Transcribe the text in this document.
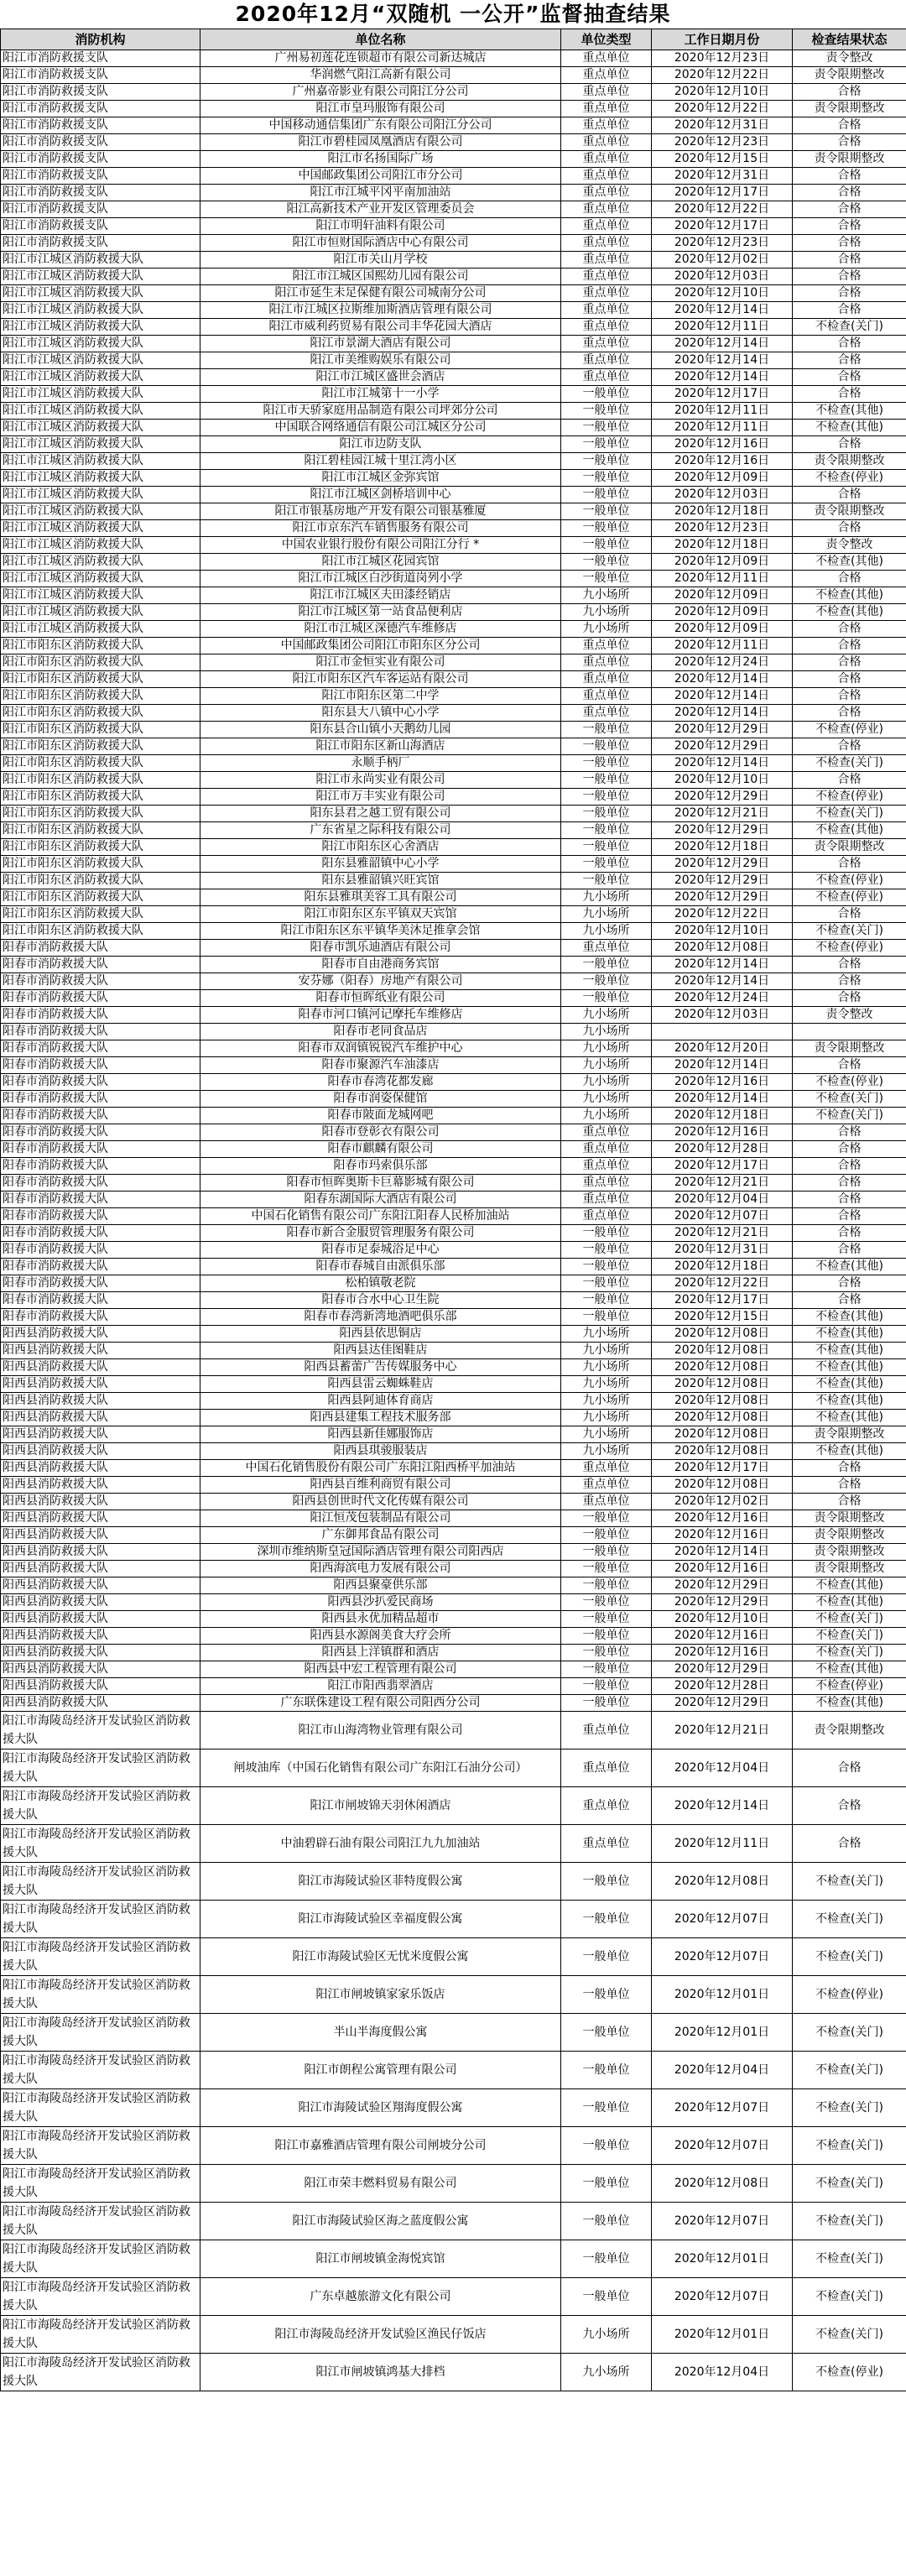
2020年12月“双随机 一公开”监督抽查结果
消防机构	单位名称	单位类型	工作日期月份	检查结果状态
阳江市消防救援支队	广州易初莲花连锁超市有限公司新达城店	重点单位	2020年12月23日	责令整改
阳江市消防救援支队	华润燃气阳江高新有限公司	重点单位	2020年12月22日	责令限期整改
阳江市消防救援支队	广州嘉帝影业有限公司阳江分公司	重点单位	2020年12月10日	合格
阳江市消防救援支队	阳江市皇玛服饰有限公司	重点单位	2020年12月22日	责令限期整改
阳江市消防救援支队	中国移动通信集团广东有限公司阳江分公司	重点单位	2020年12月31日	合格
阳江市消防救援支队	阳江市碧桂园凤凰酒店有限公司	重点单位	2020年12月23日	合格
阳江市消防救援支队	阳江市名扬国际广场	重点单位	2020年12月15日	责令限期整改
阳江市消防救援支队	中国邮政集团公司阳江市分公司	重点单位	2020年12月31日	合格
阳江市消防救援支队	阳江市江城平冈平南加油站	重点单位	2020年12月17日	合格
阳江市消防救援支队	阳江高新技术产业开发区管理委员会	重点单位	2020年12月22日	合格
阳江市消防救援支队	阳江市明轩油料有限公司	重点单位	2020年12月17日	合格
阳江市消防救援支队	阳江市恒财国际酒店中心有限公司	重点单位	2020年12月23日	合格
阳江市江城区消防救援大队	阳江市关山月学校	重点单位	2020年12月02日	合格
阳江市江城区消防救援大队	阳江市江城区国熙幼儿园有限公司	重点单位	2020年12月03日	合格
阳江市江城区消防救援大队	阳江市延生未足保健有限公司城南分公司	重点单位	2020年12月10日	合格
阳江市江城区消防救援大队	阳江市江城区拉斯维加斯酒店管理有限公司	重点单位	2020年12月14日	合格
阳江市江城区消防救援大队	阳江市威利药贸易有限公司丰华花园大酒店	重点单位	2020年12月11日	不检查(关门)
阳江市江城区消防救援大队	阳江市景湖大酒店有限公司	重点单位	2020年12月14日	合格
阳江市江城区消防救援大队	阳江市美维购娱乐有限公司	重点单位	2020年12月14日	合格
阳江市江城区消防救援大队	阳江市江城区盛世会酒店	重点单位	2020年12月14日	合格
阳江市江城区消防救援大队	阳江市江城第十一小学	一般单位	2020年12月17日	合格
阳江市江城区消防救援大队	阳江市天骄家庭用品制造有限公司坪郊分公司	一般单位	2020年12月11日	不检查(其他)
阳江市江城区消防救援大队	中国联合网络通信有限公司江城区分公司	一般单位	2020年12月11日	不检查(其他)
阳江市江城区消防救援大队	阳江市边防支队	一般单位	2020年12月16日	合格
阳江市江城区消防救援大队	阳江碧桂园江城十里江湾小区	一般单位	2020年12月16日	责令限期整改
阳江市江城区消防救援大队	阳江市江城区金弥宾馆	一般单位	2020年12月09日	不检查(停业)
阳江市江城区消防救援大队	阳江市江城区剑桥培训中心	一般单位	2020年12月03日	合格
阳江市江城区消防救援大队	阳江市银基房地产开发有限公司银基雅厦	一般单位	2020年12月18日	责令限期整改
阳江市江城区消防救援大队	阳江市京东汽车销售服务有限公司	一般单位	2020年12月23日	合格
阳江市江城区消防救援大队	中国农业银行股份有限公司阳江分行 *	一般单位	2020年12月18日	责令整改
阳江市江城区消防救援大队	阳江市江城区花园宾馆	一般单位	2020年12月09日	不检查(其他)
阳江市江城区消防救援大队	阳江市江城区白沙街道岗列小学	一般单位	2020年12月11日	合格
阳江市江城区消防救援大队	阳江市江城区夫田漆经销店	九小场所	2020年12月09日	不检查(其他)
阳江市江城区消防救援大队	阳江市江城区第一站食品便利店	九小场所	2020年12月09日	不检查(其他)
阳江市江城区消防救援大队	阳江市江城区深德汽车维修店	九小场所	2020年12月09日	合格
阳江市阳东区消防救援大队	中国邮政集团公司阳江市阳东区分公司	重点单位	2020年12月11日	合格
阳江市阳东区消防救援大队	阳江市金恒实业有限公司	重点单位	2020年12月24日	合格
阳江市阳东区消防救援大队	阳江市阳东区汽车客运站有限公司	重点单位	2020年12月14日	合格
阳江市阳东区消防救援大队	阳江市阳东区第二中学	重点单位	2020年12月14日	合格
阳江市阳东区消防救援大队	阳东县大八镇中心小学	重点单位	2020年12月14日	合格
阳江市阳东区消防救援大队	阳东县合山镇小天鹅幼儿园	一般单位	2020年12月29日	不检查(停业)
阳江市阳东区消防救援大队	阳江市阳东区新山海酒店	一般单位	2020年12月29日	合格
阳江市阳东区消防救援大队	永顺手柄厂	一般单位	2020年12月14日	不检查(关门)
阳江市阳东区消防救援大队	阳江市永尚实业有限公司	一般单位	2020年12月10日	合格
阳江市阳东区消防救援大队	阳江市万丰实业有限公司	一般单位	2020年12月29日	不检查(停业)
阳江市阳东区消防救援大队	阳东县君之越工贸有限公司	一般单位	2020年12月21日	不检查(关门)
阳江市阳东区消防救援大队	广东省星之际科技有限公司	一般单位	2020年12月29日	不检查(其他)
阳江市阳东区消防救援大队	阳江市阳东区心舍酒店	一般单位	2020年12月18日	责令限期整改
阳江市阳东区消防救援大队	阳东县雅韶镇中心小学	一般单位	2020年12月29日	合格
阳江市阳东区消防救援大队	阳东县雅韶镇兴旺宾馆	一般单位	2020年12月29日	不检查(停业)
阳江市阳东区消防救援大队	阳东县雅琪美容工具有限公司	九小场所	2020年12月29日	不检查(停业)
阳江市阳东区消防救援大队	阳江市阳东区东平镇双天宾馆	九小场所	2020年12月22日	合格
阳江市阳东区消防救援大队	阳江市阳东区东平镇华美沐足推拿会馆	九小场所	2020年12月10日	不检查(关门)
阳春市消防救援大队	阳春市凯乐迪酒店有限公司	重点单位	2020年12月08日	不检查(停业)
阳春市消防救援大队	阳春市自由港商务宾馆	一般单位	2020年12月14日	合格
阳春市消防救援大队	安芬娜（阳春）房地产有限公司	一般单位	2020年12月14日	合格
阳春市消防救援大队	阳春市恒晖纸业有限公司	一般单位	2020年12月24日	合格
阳春市消防救援大队	阳春市河口镇河记摩托车维修店	九小场所	2020年12月03日	责令整改
阳春市消防救援大队	阳春市老同食品店	九小场所		
阳春市消防救援大队	阳春市双润镇锐锐汽车维护中心	九小场所	2020年12月20日	责令限期整改
阳春市消防救援大队	阳春市聚源汽车油漆店	九小场所	2020年12月14日	合格
阳春市消防救援大队	阳春市春湾花都发廊	九小场所	2020年12月16日	不检查(停业)
阳春市消防救援大队	阳春市润姿保健馆	九小场所	2020年12月14日	不检查(关门)
阳春市消防救援大队	阳春市陂面龙城网吧	九小场所	2020年12月18日	不检查(关门)
阳春市消防救援大队	阳春市登彰衣有限公司	重点单位	2020年12月16日	合格
阳春市消防救援大队	阳春市麒麟有限公司	重点单位	2020年12月28日	合格
阳春市消防救援大队	阳春市玛索俱乐部	重点单位	2020年12月17日	合格
阳春市消防救援大队	阳春市恒晖奥斯卡巨幕影城有限公司	重点单位	2020年12月21日	合格
阳春市消防救援大队	阳春东湖国际大酒店有限公司	重点单位	2020年12月04日	合格
阳春市消防救援大队	中国石化销售有限公司广东阳江阳春人民桥加油站	重点单位	2020年12月07日	合格
阳春市消防救援大队	阳春市新合金服贸管理服务有限公司	一般单位	2020年12月21日	合格
阳春市消防救援大队	阳春市足泰城浴足中心	一般单位	2020年12月31日	合格
阳春市消防救援大队	阳春市春城自由派俱乐部	一般单位	2020年12月18日	不检查(其他)
阳春市消防救援大队	松柏镇敬老院	一般单位	2020年12月22日	合格
阳春市消防救援大队	阳春市合水中心卫生院	一般单位	2020年12月17日	合格
阳春市消防救援大队	阳春市春湾新湾地酒吧俱乐部	一般单位	2020年12月15日	不检查(其他)
阳西县消防救援大队	阳西县依思铜店	九小场所	2020年12月08日	不检查(其他)
阳西县消防救援大队	阳西县达佳图鞋店	九小场所	2020年12月08日	不检查(其他)
阳西县消防救援大队	阳西县蓄蕾广告传媒服务中心	九小场所	2020年12月08日	不检查(其他)
阳西县消防救援大队	阳西县雷云蜘蛛鞋店	九小场所	2020年12月08日	不检查(其他)
阳西县消防救援大队	阳西县阿迪体育商店	九小场所	2020年12月08日	不检查(其他)
阳西县消防救援大队	阳西县建集工程技术服务部	九小场所	2020年12月08日	不检查(其他)
阳西县消防救援大队	阳西县新佳娜服饰店	九小场所	2020年12月08日	责令限期整改
阳西县消防救援大队	阳西县琪骏服装店	九小场所	2020年12月08日	不检查(其他)
阳西县消防救援大队	中国石化销售股份有限公司广东阳江阳西桥平加油站	重点单位	2020年12月17日	合格
阳西县消防救援大队	阳西县百维利商贸有限公司	重点单位	2020年12月08日	合格
阳西县消防救援大队	阳西县创世时代文化传媒有限公司	重点单位	2020年12月02日	合格
阳西县消防救援大队	阳江恒茂包装制品有限公司	一般单位	2020年12月16日	责令限期整改
阳西县消防救援大队	广东御邦食品有限公司	一般单位	2020年12月16日	责令限期整改
阳西县消防救援大队	深圳市维纳斯皇冠国际酒店管理有限公司阳西店	一般单位	2020年12月14日	责令限期整改
阳西县消防救援大队	阳西海滨电力发展有限公司	一般单位	2020年12月16日	责令限期整改
阳西县消防救援大队	阳西县聚豪供乐部	一般单位	2020年12月29日	不检查(其他)
阳西县消防救援大队	阳西县沙扒爱民商场	一般单位	2020年12月29日	不检查(其他)
阳西县消防救援大队	阳西县永优加精品超市	一般单位	2020年12月10日	不检查(关门)
阳西县消防救援大队	阳西县水源阁美食大疗会所	一般单位	2020年12月16日	不检查(关门)
阳西县消防救援大队	阳西县上洋镇群和酒店	一般单位	2020年12月16日	不检查(关门)
阳西县消防救援大队	阳西县中宏工程管理有限公司	一般单位	2020年12月29日	不检查(其他)
阳西县消防救援大队	阳江市阳西翡翠酒店	一般单位	2020年12月28日	不检查(停业)
阳西县消防救援大队	广东联侏建设工程有限公司阳西分公司	一般单位	2020年12月29日	不检查(其他)
阳江市海陵岛经济开发试验区消防救援大队	阳江市山海湾物业管理有限公司	重点单位	2020年12月21日	责令限期整改
阳江市海陵岛经济开发试验区消防救援大队	闸坡油库（中国石化销售有限公司广东阳江石油分公司）	重点单位	2020年12月04日	合格
阳江市海陵岛经济开发试验区消防救援大队	阳江市闸坡锦天羽休闲酒店	重点单位	2020年12月14日	合格
阳江市海陵岛经济开发试验区消防救援大队	中油碧辟石油有限公司阳江九九加油站	重点单位	2020年12月11日	合格
阳江市海陵岛经济开发试验区消防救援大队	阳江市海陵试验区菲特度假公寓	一般单位	2020年12月08日	不检查(关门)
阳江市海陵岛经济开发试验区消防救援大队	阳江市海陵试验区幸福度假公寓	一般单位	2020年12月07日	不检查(关门)
阳江市海陵岛经济开发试验区消防救援大队	阳江市海陵试验区无忧米度假公寓	一般单位	2020年12月07日	不检查(关门)
阳江市海陵岛经济开发试验区消防救援大队	阳江市闸坡镇家家乐饭店	一般单位	2020年12月01日	不检查(停业)
阳江市海陵岛经济开发试验区消防救援大队	半山半海度假公寓	一般单位	2020年12月01日	不检查(关门)
阳江市海陵岛经济开发试验区消防救援大队	阳江市朗程公寓管理有限公司	一般单位	2020年12月04日	不检查(关门)
阳江市海陵岛经济开发试验区消防救援大队	阳江市海陵试验区翔海度假公寓	一般单位	2020年12月07日	不检查(关门)
阳江市海陵岛经济开发试验区消防救援大队	阳江市嘉雅酒店管理有限公司闸坡分公司	一般单位	2020年12月07日	不检查(关门)
阳江市海陵岛经济开发试验区消防救援大队	阳江市荣丰燃料贸易有限公司	一般单位	2020年12月08日	不检查(关门)
阳江市海陵岛经济开发试验区消防救援大队	阳江市海陵试验区海之蓝度假公寓	一般单位	2020年12月07日	不检查(关门)
阳江市海陵岛经济开发试验区消防救援大队	阳江市闸坡镇金海悦宾馆	一般单位	2020年12月01日	不检查(关门)
阳江市海陵岛经济开发试验区消防救援大队	广东卓越旅游文化有限公司	一般单位	2020年12月07日	不检查(关门)
阳江市海陵岛经济开发试验区消防救援大队	阳江市海陵岛经济开发试验区渔民仔饭店	九小场所	2020年12月01日	不检查(关门)
阳江市海陵岛经济开发试验区消防救援大队	阳江市闸坡镇鸿基大排档	九小场所	2020年12月04日	不检查(停业)
